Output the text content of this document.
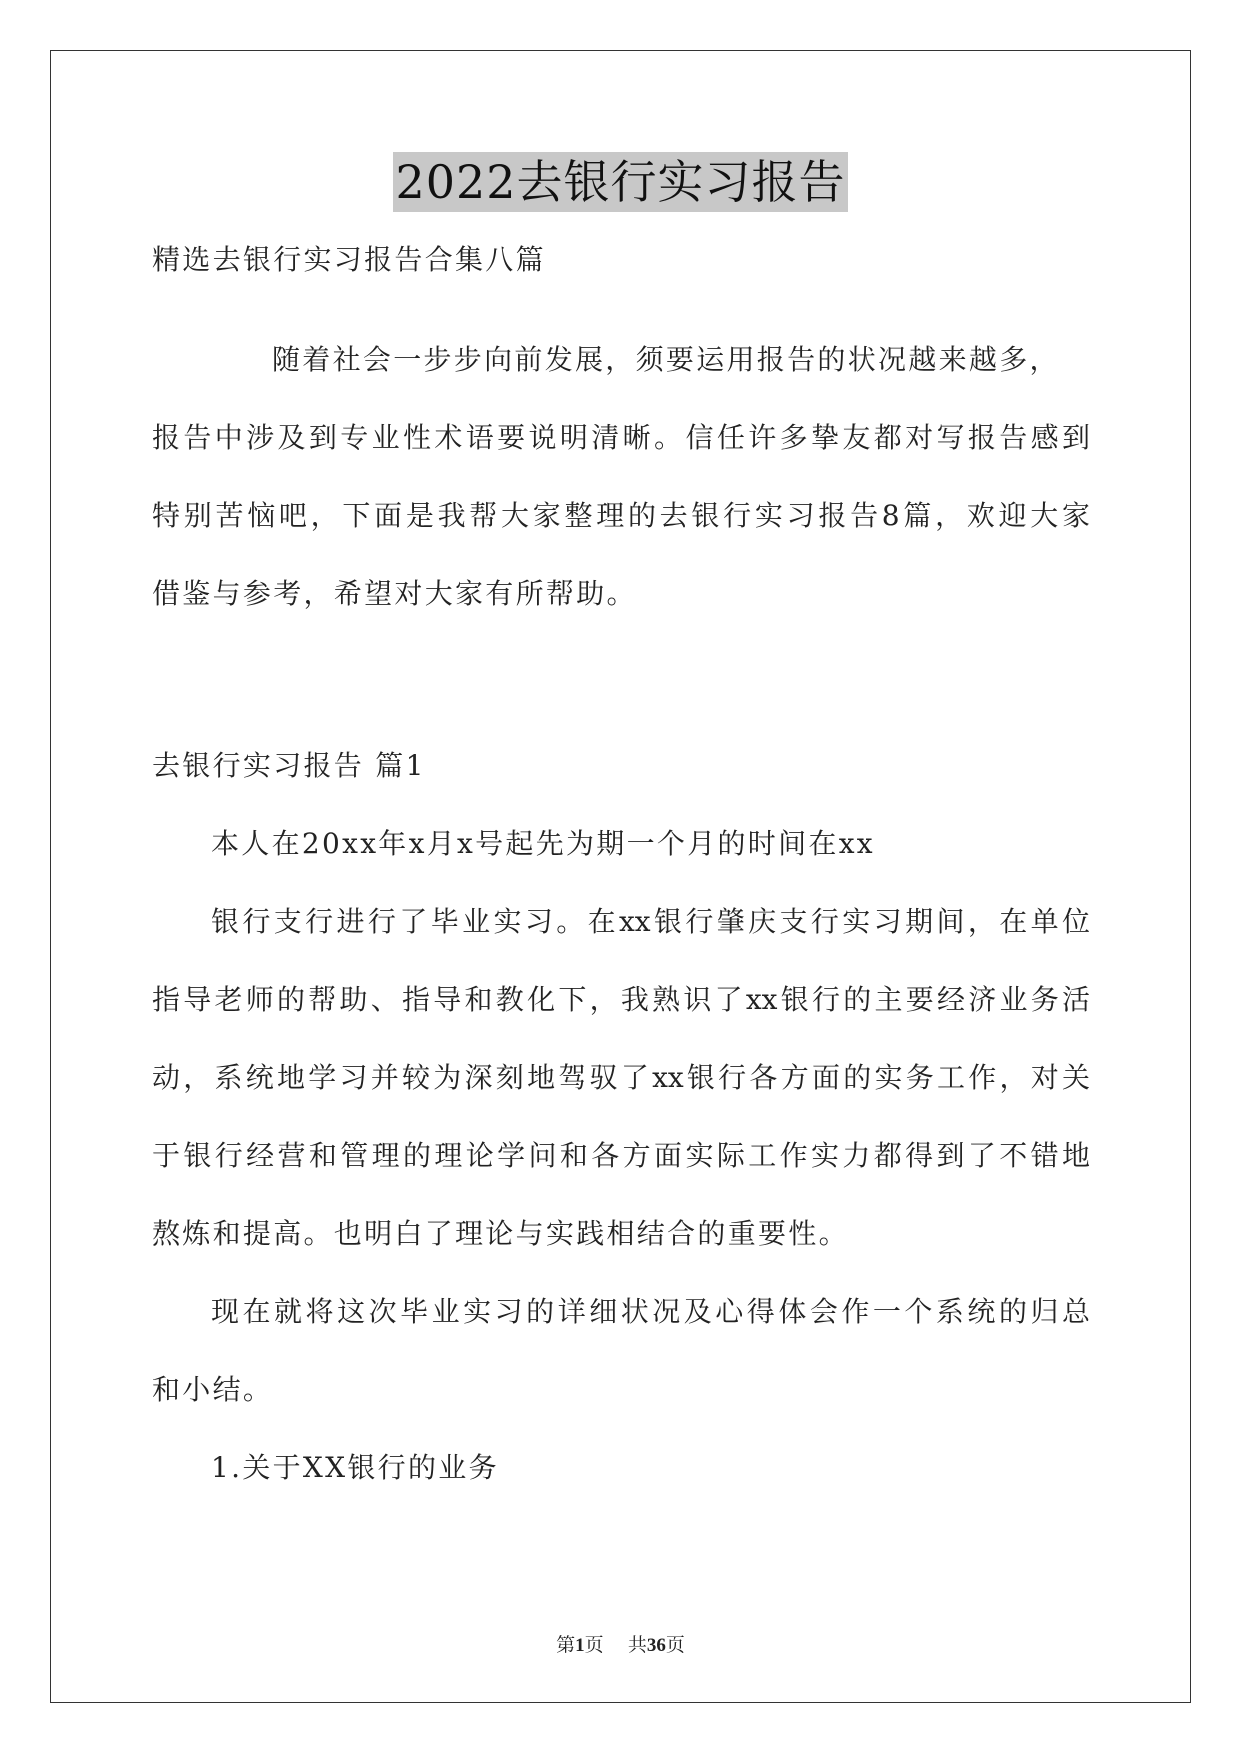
2022去银行实习报告
精选去银行实习报告合集八篇
随着社会一步步向前发展，须要运用报告的状况越来越多，
报告中涉及到专业性术语要说明清晰。信任许多挚友都对写报告感到
特别苦恼吧，下面是我帮大家整理的去银行实习报告8篇，欢迎大家
借鉴与参考，希望对大家有所帮助。
去银行实习报告 篇1
本人在20xx年x月x号起先为期一个月的时间在xx
银行支行进行了毕业实习。在xx银行肇庆支行实习期间，在单位
指导老师的帮助、指导和教化下，我熟识了xx银行的主要经济业务活
动，系统地学习并较为深刻地驾驭了xx银行各方面的实务工作，对关
于银行经营和管理的理论学问和各方面实际工作实力都得到了不错地
熬炼和提高。也明白了理论与实践相结合的重要性。
现在就将这次毕业实习的详细状况及心得体会作一个系统的归总
和小结。
1.关于XX银行的业务
第1页 共36页
